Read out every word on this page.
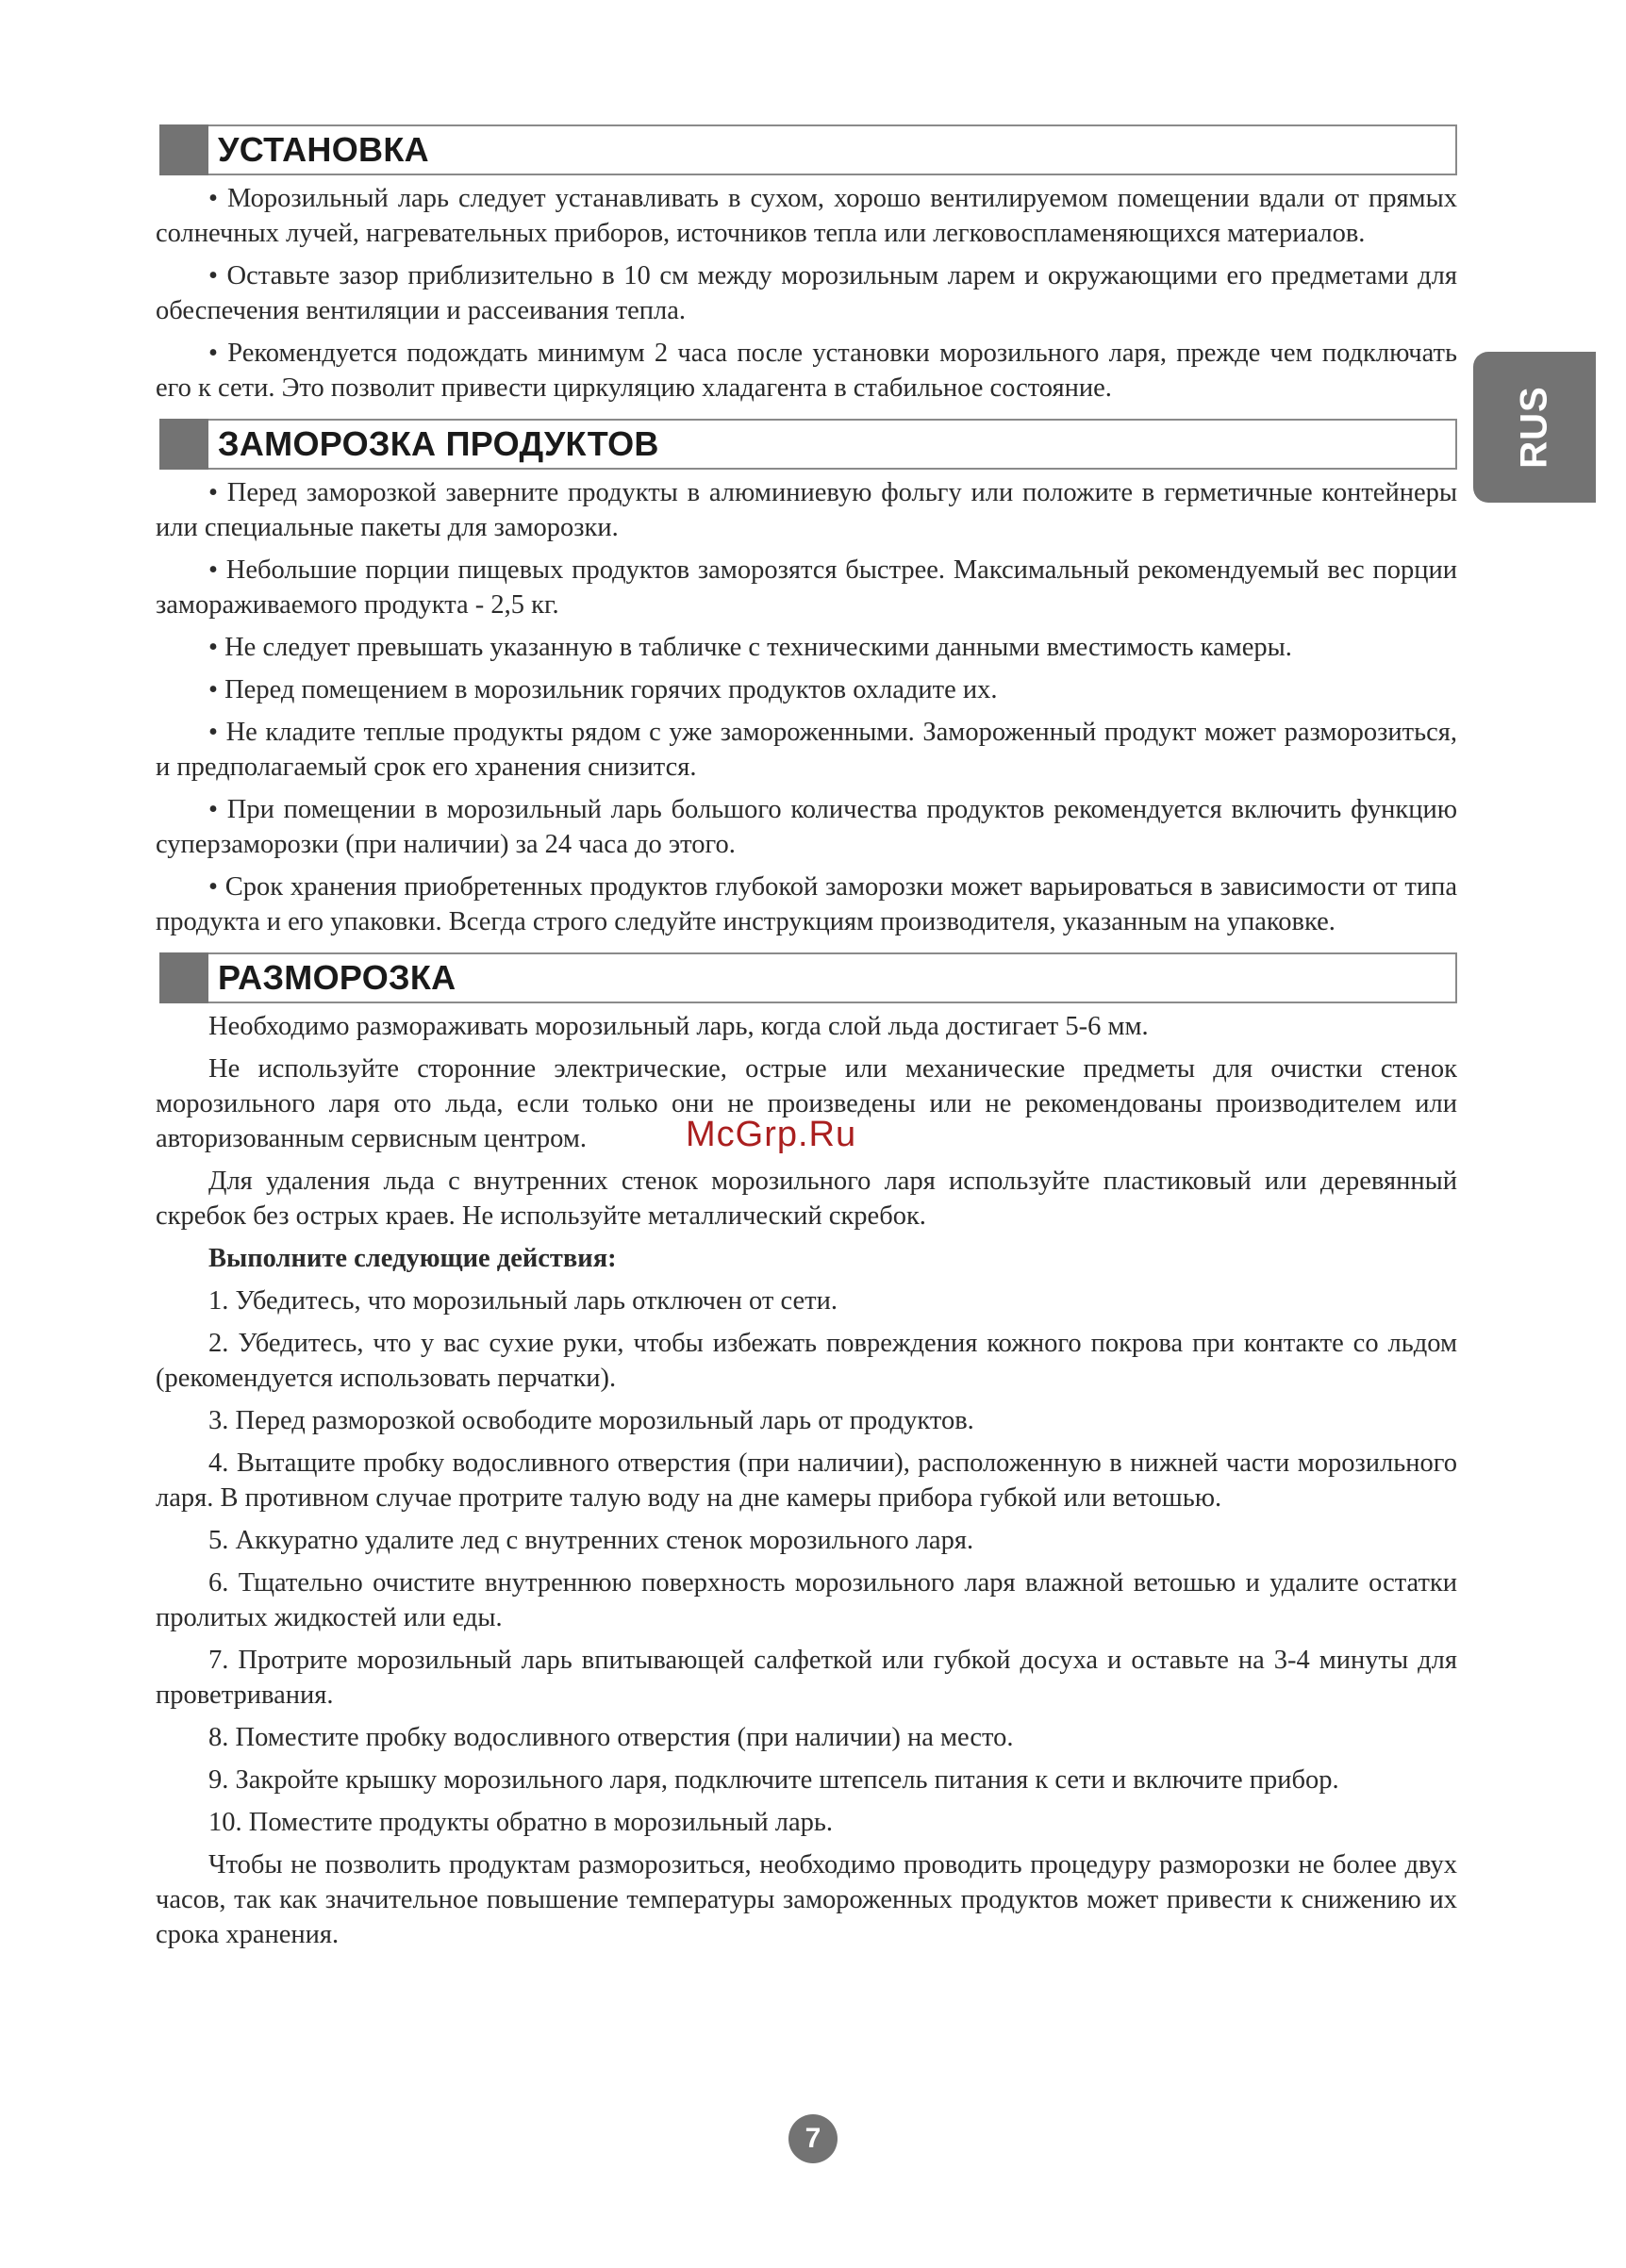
RUS
УСТАНОВКА

• Морозильный ларь следует устанавливать в сухом, хорошо вентилируемом помещении вдали от прямых солнечных лучей, нагревательных приборов, источников тепла или легковоспламеняющихся материалов.

• Оставьте зазор приблизительно в 10 см между морозильным ларем и окружающими его предметами для обеспечения вентиляции и рассеивания тепла.

• Рекомендуется подождать минимум 2 часа после установки морозильного ларя, прежде чем подключать его к сети. Это позволит привести циркуляцию хладагента в стабильное состояние.

ЗАМОРОЗКА ПРОДУКТОВ

• Перед заморозкой заверните продукты в алюминиевую фольгу или положите в герметичные контейнеры или специальные пакеты для заморозки.

• Небольшие порции пищевых продуктов заморозятся быстрее. Максимальный рекомендуемый вес порции замораживаемого продукта - 2,5 кг.

• Не следует превышать указанную в табличке с техническими данными вместимость камеры.

• Перед помещением в морозильник горячих продуктов охладите их.

• Не кладите теплые продукты рядом с уже замороженными. Замороженный продукт может разморозиться, и предполагаемый срок его хранения снизится.

• При помещении в морозильный ларь большого количества продуктов рекомендуется включить функцию суперзаморозки (при наличии) за 24 часа до этого.

• Срок хранения приобретенных продуктов глубокой заморозки может варьироваться в зависимости от типа продукта и его упаковки. Всегда строго следуйте инструкциям производителя, указанным на упаковке.

РАЗМОРОЗКА

Необходимо размораживать морозильный ларь, когда слой льда достигает 5-6 мм.

Не используйте сторонние электрические, острые или механические предметы для очистки стенок морозильного ларя ото льда, если только они не произведены или не рекомендованы производителем или авторизованным сервисным центром.

Для удаления льда с внутренних стенок морозильного ларя используйте пластиковый или деревянный скребок без острых краев. Не используйте металлический скребок.

Выполните следующие действия:

1. Убедитесь, что морозильный ларь отключен от сети.

2. Убедитесь, что у вас сухие руки, чтобы избежать повреждения кожного покрова при контакте со льдом (рекомендуется использовать перчатки).

3. Перед разморозкой освободите морозильный ларь от продуктов.

4. Вытащите пробку водосливного отверстия (при наличии), расположенную в нижней части морозильного ларя. В противном случае протрите талую воду на дне камеры прибора губкой или ветошью.

5. Аккуратно удалите лед с внутренних стенок морозильного ларя.

6. Тщательно очистите внутреннюю поверхность морозильного ларя влажной ветошью и удалите остатки пролитых жидкостей или еды.

7. Протрите морозильный ларь впитывающей салфеткой или губкой досуха и оставьте на 3-4 минуты для проветривания.

8. Поместите пробку водосливного отверстия (при наличии) на место.

9. Закройте крышку морозильного ларя, подключите штепсель питания к сети и включите прибор.

10. Поместите продукты обратно в морозильный ларь.

Чтобы не позволить продуктам разморозиться, необходимо проводить процедуру разморозки не более двух часов, так как значительное повышение температуры замороженных продуктов может привести к снижению их срока хранения.

McGrp.Ru
7
